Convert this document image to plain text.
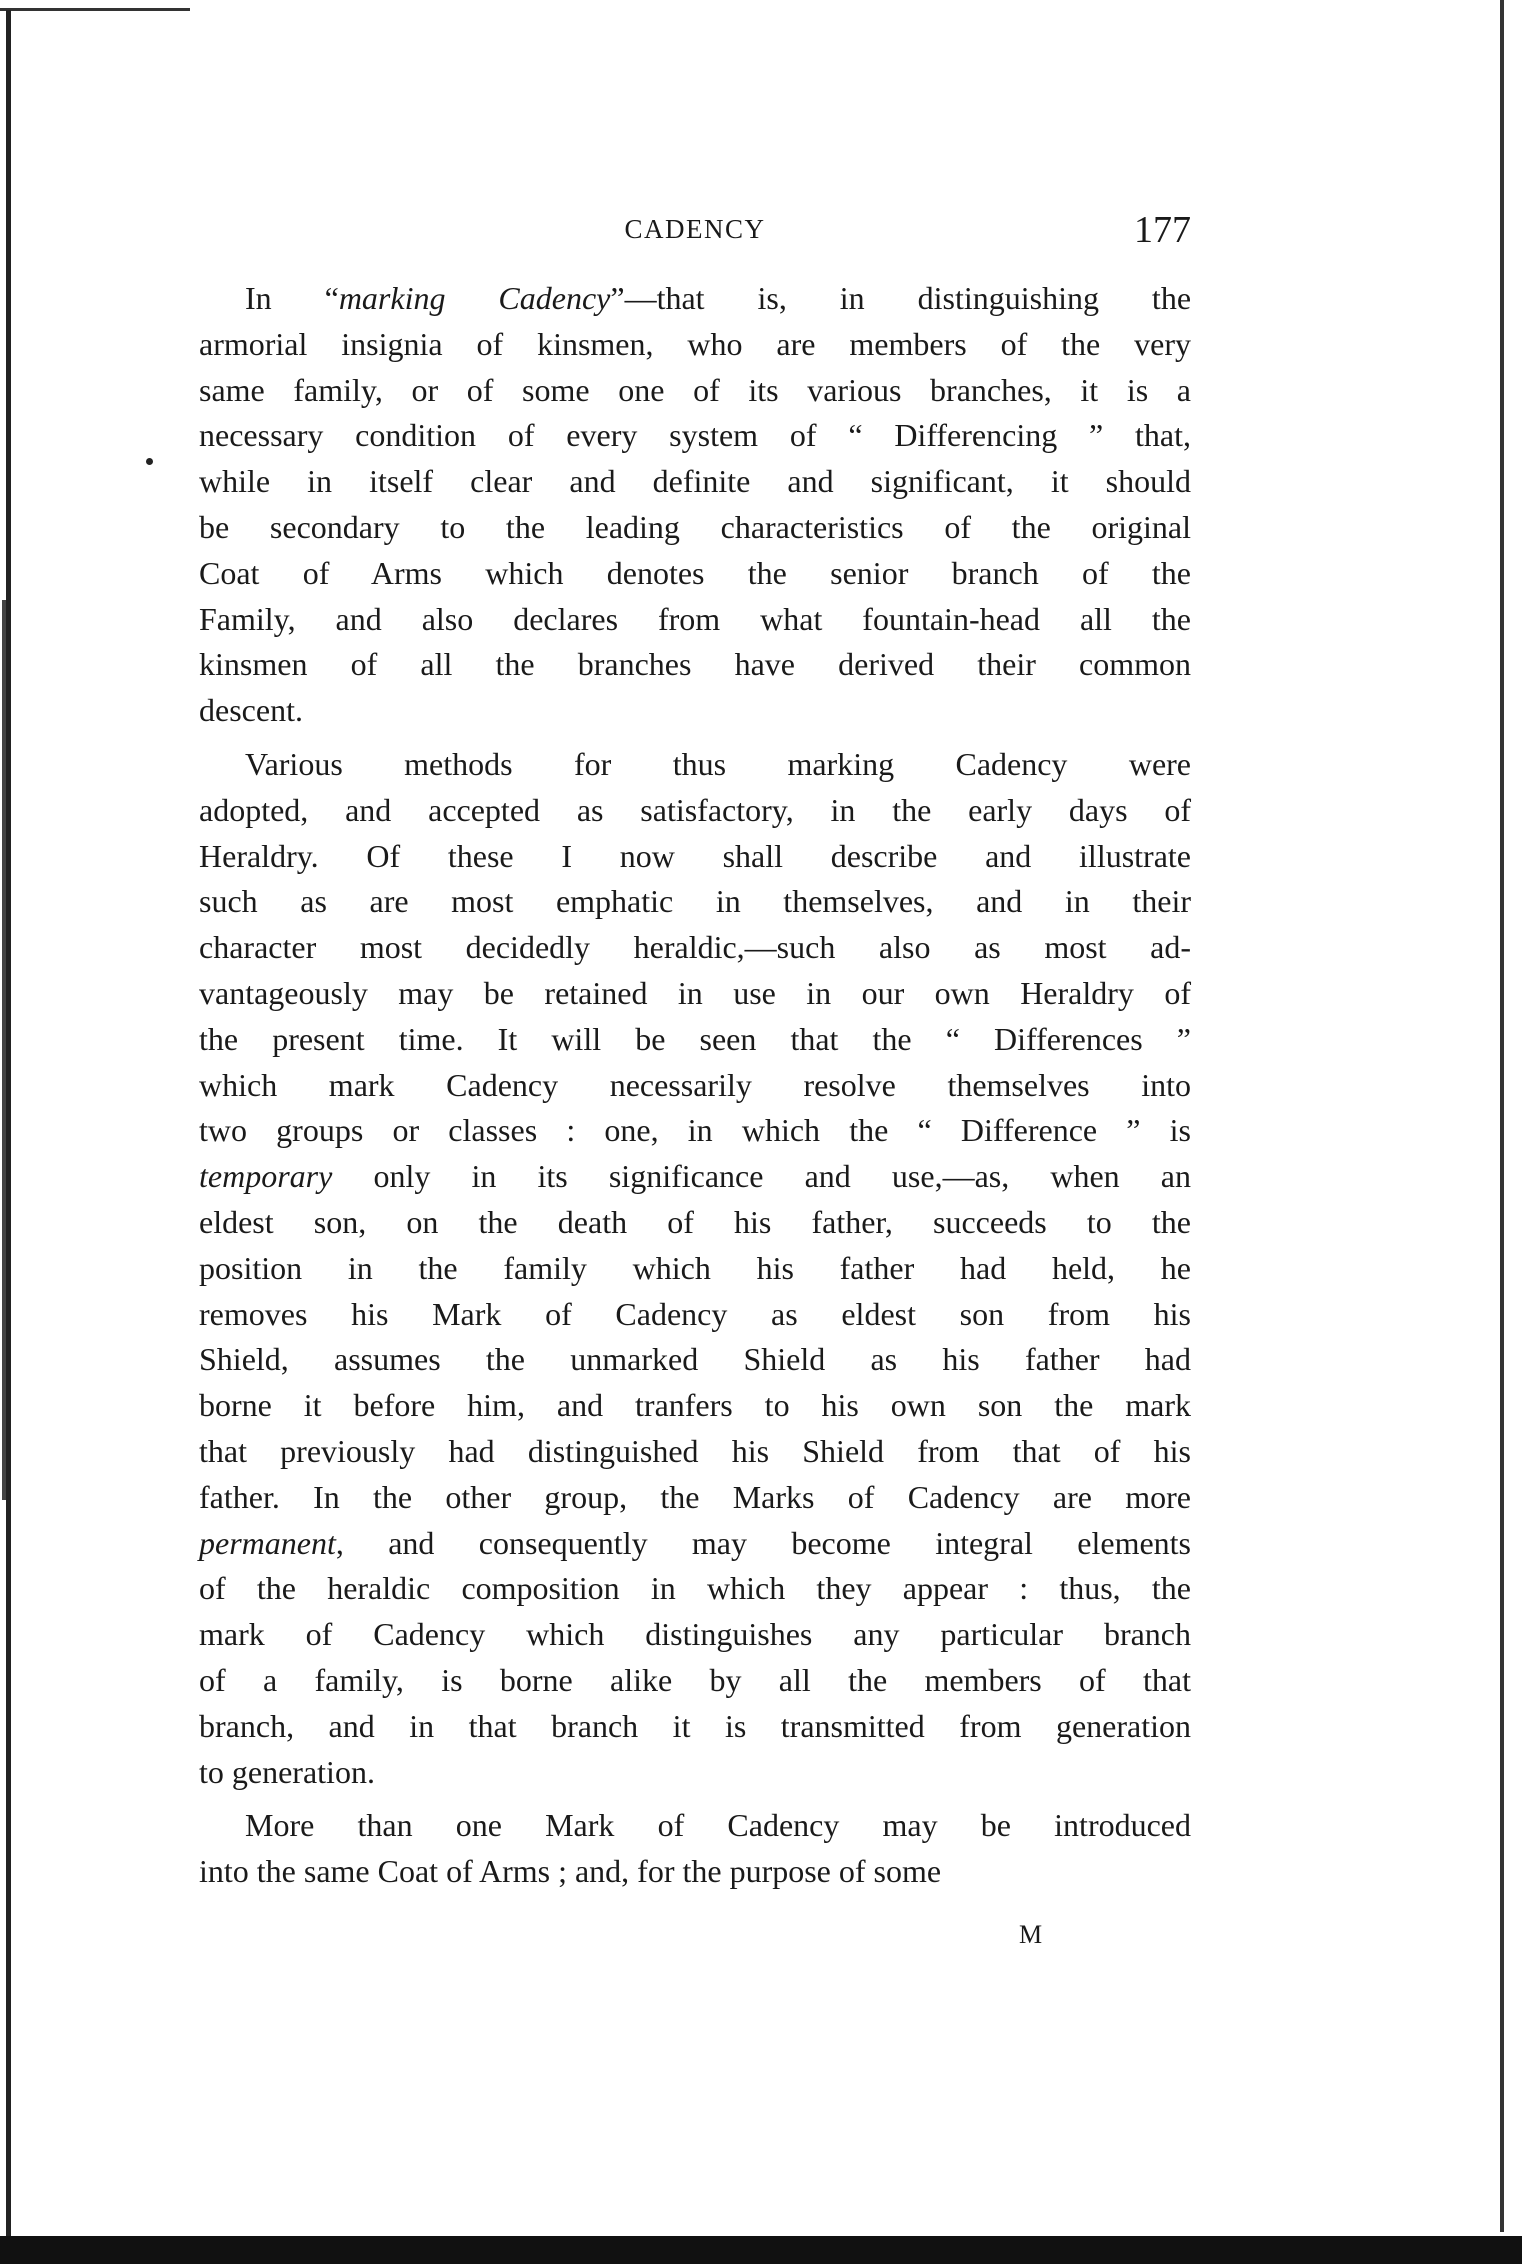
CADENCY	177
In “marking Cadency”—that is, in distinguishing the
armorial insignia of kinsmen, who are members of the very
same family, or of some one of its various branches, it is a
necessary condition of every system of “ Differencing ” that,
while in itself clear and definite and significant, it should
be secondary to the leading characteristics of the original
Coat of Arms which denotes the senior branch of the
Family, and also declares from what fountain-head all the
kinsmen of all the branches have derived their common
descent.
Various methods for thus marking Cadency were
adopted, and accepted as satisfactory, in the early days of
Heraldry. Of these I now shall describe and illustrate
such as are most emphatic in themselves, and in their
character most decidedly heraldic,—such also as most ad-
vantageously may be retained in use in our own Heraldry of
the present time. It will be seen that the “ Differences ”
which mark Cadency necessarily resolve themselves into
two groups or classes : one, in which the “ Difference ” is
temporary only in its significance and use,—as, when an
eldest son, on the death of his father, succeeds to the
position in the family which his father had held, he
removes his Mark of Cadency as eldest son from his
Shield, assumes the unmarked Shield as his father had
borne it before him, and tranfers to his own son the mark
that previously had distinguished his Shield from that of his
father. In the other group, the Marks of Cadency are more
permanent, and consequently may become integral elements
of the heraldic composition in which they appear : thus, the
mark of Cadency which distinguishes any particular branch
of a family, is borne alike by all the members of that
branch, and in that branch it is transmitted from generation
to generation.
More than one Mark of Cadency may be introduced
into the same Coat of Arms ; and, for the purpose of some
M
